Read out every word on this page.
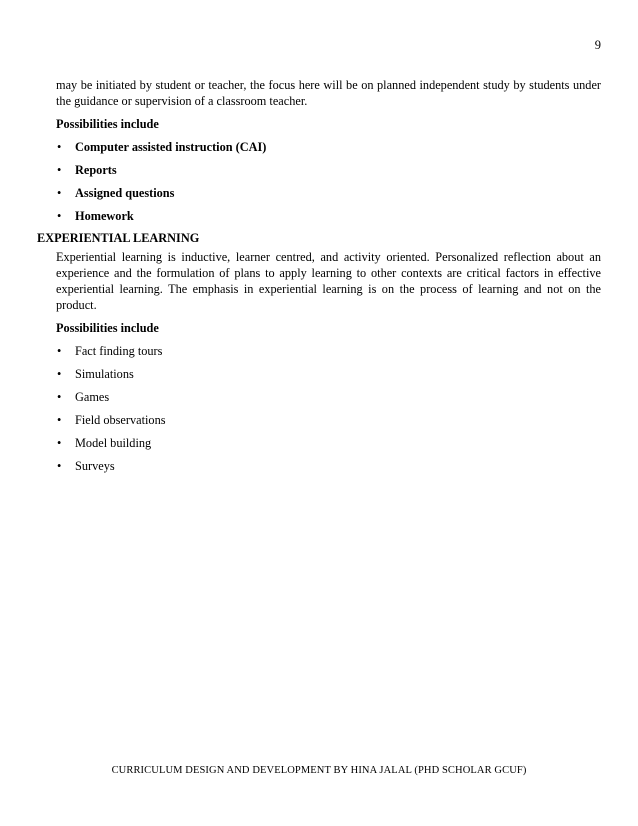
9

may be initiated by student or teacher, the focus here will be on planned independent study by students under the guidance or supervision of a classroom teacher.

Possibilities include

• Computer assisted instruction (CAI)
• Reports
• Assigned questions
• Homework
EXPERIENTIAL LEARNING

Experiential learning is inductive, learner centred, and activity oriented. Personalized reflection about an experience and the formulation of plans to apply learning to other contexts are critical factors in effective experiential learning. The emphasis in experiential learning is on the process of learning and not on the product.

Possibilities include

• Fact finding tours
• Simulations
• Games
• Field observations
• Model building
• Surveys
CURRICULUM DESIGN AND DEVELOPMENT BY HINA JALAL (PHD SCHOLAR GCUF)
